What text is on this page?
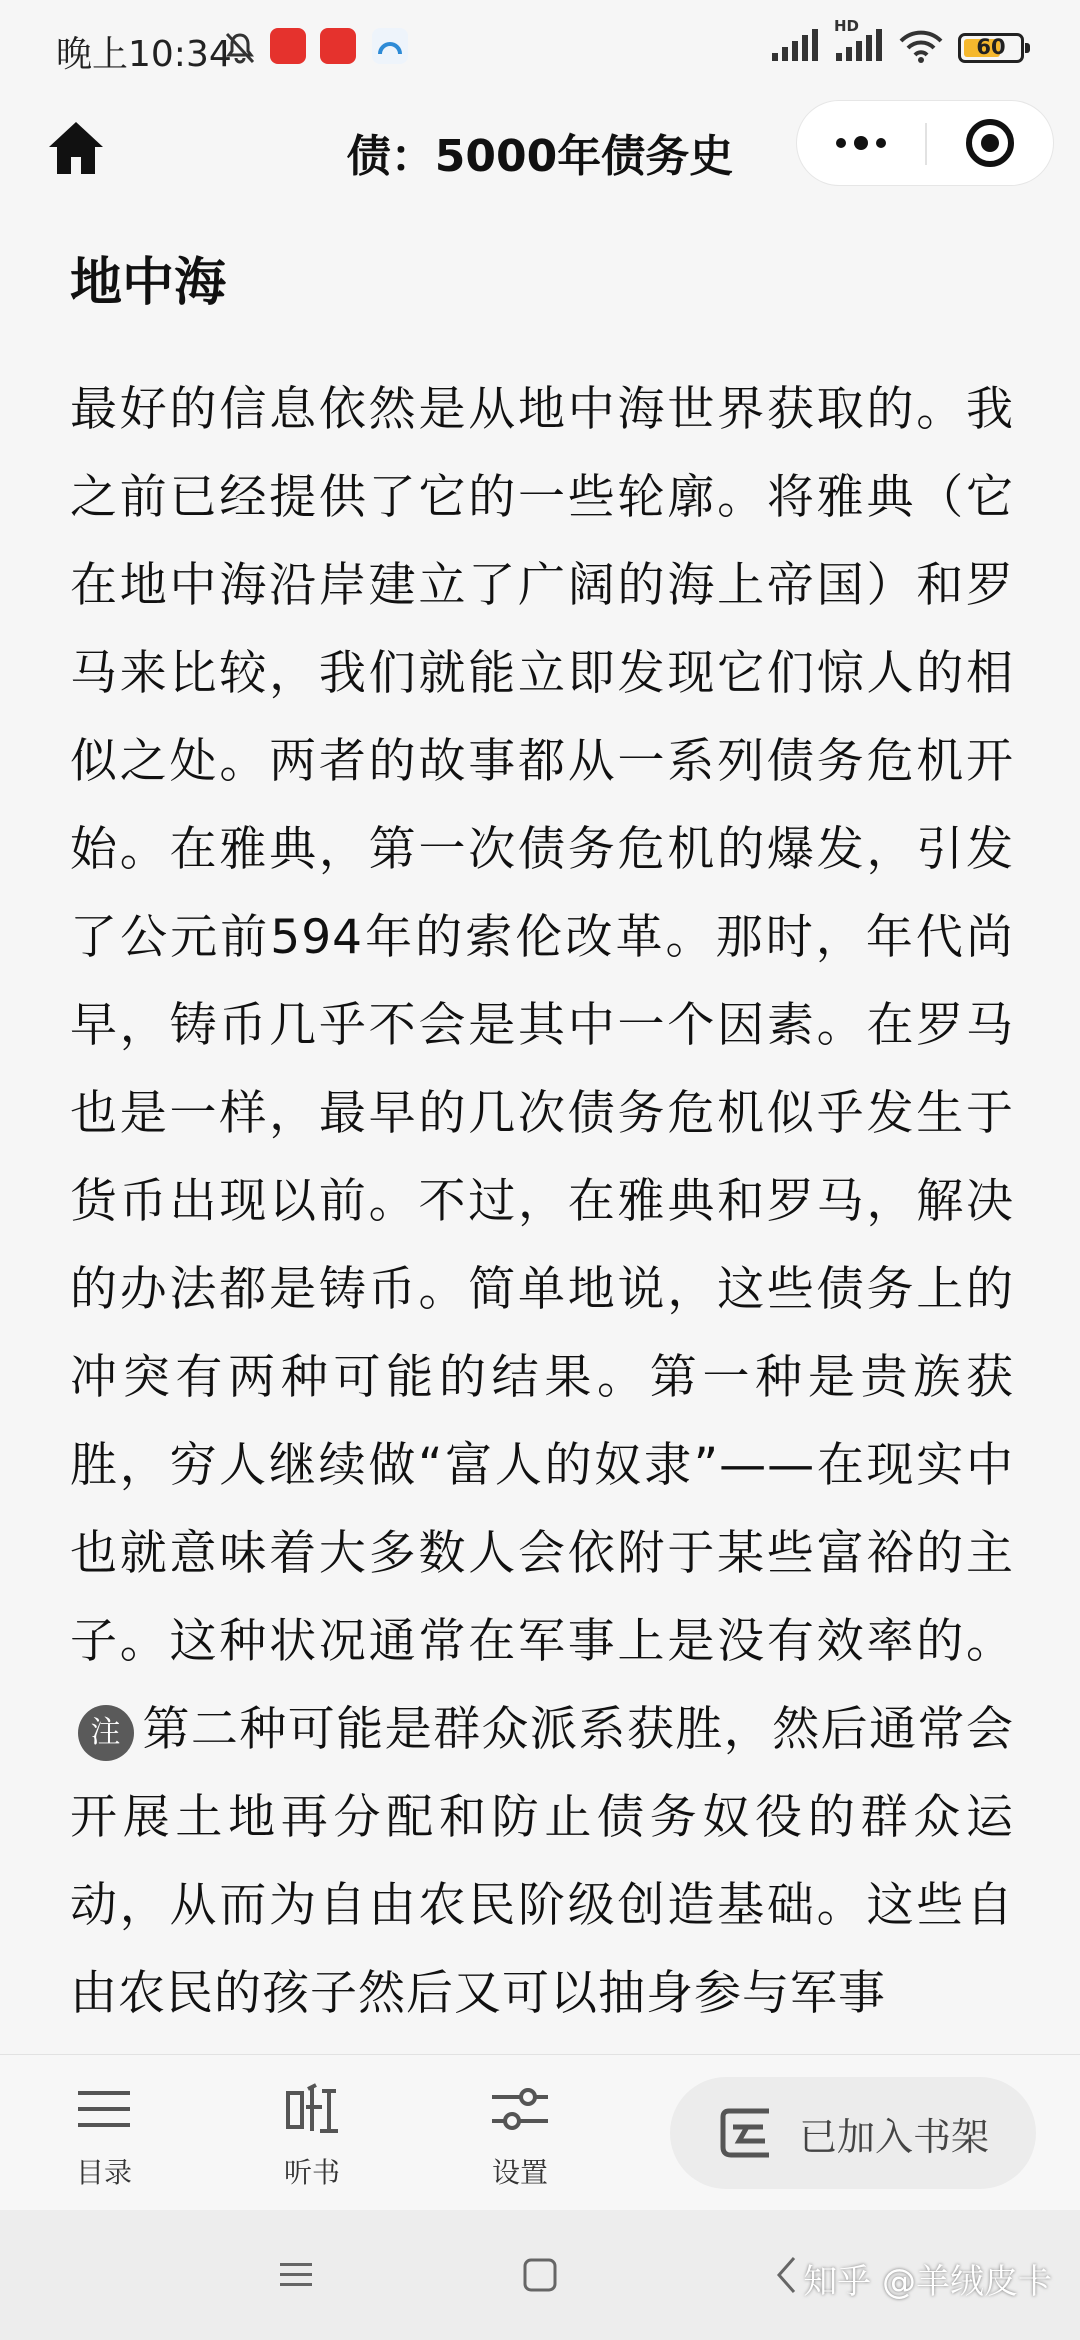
晚上10:34
HD
60
债：5000年债务史
地中海

最好的信息依然是从地中海世界获取的。我之前已经提供了它的一些轮廓。将雅典（它在地中海沿岸建立了广阔的海上帝国）和罗马来比较，我们就能立即发现它们惊人的相似之处。两者的故事都从一系列债务危机开始。在雅典，第一次债务危机的爆发，引发了公元前594年的索伦改革。那时，年代尚早，铸币几乎不会是其中一个因素。在罗马也是一样，最早的几次债务危机似乎发生于货币出现以前。不过，在雅典和罗马，解决的办法都是铸币。简单地说，这些债务上的冲突有两种可能的结果。第一种是贵族获胜，穷人继续做“富人的奴隶”——在现实中也就意味着大多数人会依附于某些富裕的主子。这种状况通常在军事上是没有效率的。注 第二种可能是群众派系获胜，然后通常会开展土地再分配和防止债务奴役的群众运动，从而为自由农民阶级创造基础。这些自由农民的孩子然后又可以抽身参与军事

目录	听书	设置
已加入书架
知乎 @羊绒皮卡
